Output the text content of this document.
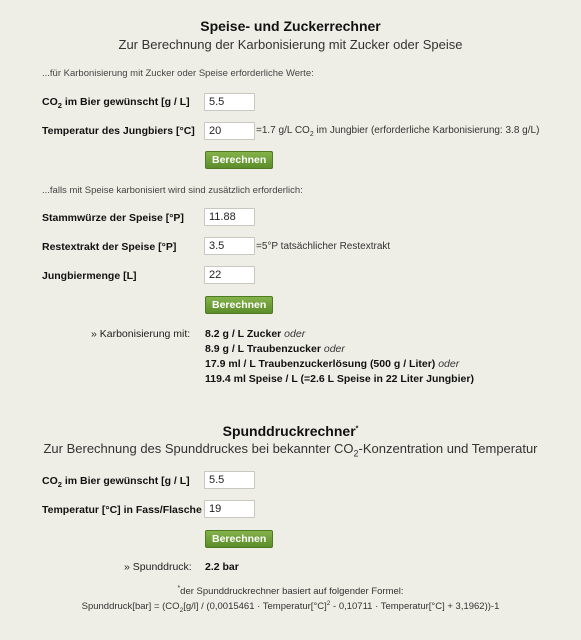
Speise- und Zuckerrechner
Zur Berechnung der Karbonisierung mit Zucker oder Speise
...für Karbonisierung mit Zucker oder Speise erforderliche Werte:
$CO_2$ im Bier gewünscht [g / L]
5.5
Temperatur des Jungbiers [°C]
20	=1.7 g/L $CO_2$ im Jungbier (erforderliche Karbonisierung: 3.8 g/L)
Berechnen
...falls mit Speise karbonisiert wird sind zusätzlich erforderlich:
Stammwürze der Speise [°P]
11.88
Restextrakt der Speise [°P]
3.5	=5°P tatsächlicher Restextrakt
Jungbiermenge [L]
22
Berechnen
» Karbonisierung mit: 8.2 g / L Zucker oder
8.9 g / L Traubenzucker oder
17.9 ml / L Traubenzuckerlösung (500 g / Liter) oder
119.4 ml Speise / L (=2.6 L Speise in 22 Liter Jungbier)
Spunddruckrechner*
Zur Berechnung des Spunddruckes bei bekannter $CO_2$-Konzentration und Temperatur
$CO_2$ im Bier gewünscht [g / L]
5.5
Temperatur [°C] in Fass/Flasche
19
Berechnen
» Spunddruck: 2.2 bar
*der Spunddruckrechner basiert auf folgender Formel:
Spunddruck[bar] = ($CO_2[g/l] / (0,0015461$ · $Temperatur[^\circ C]^2 - 0,10711$ · Temperatur[°C] + 3,1962))-1
